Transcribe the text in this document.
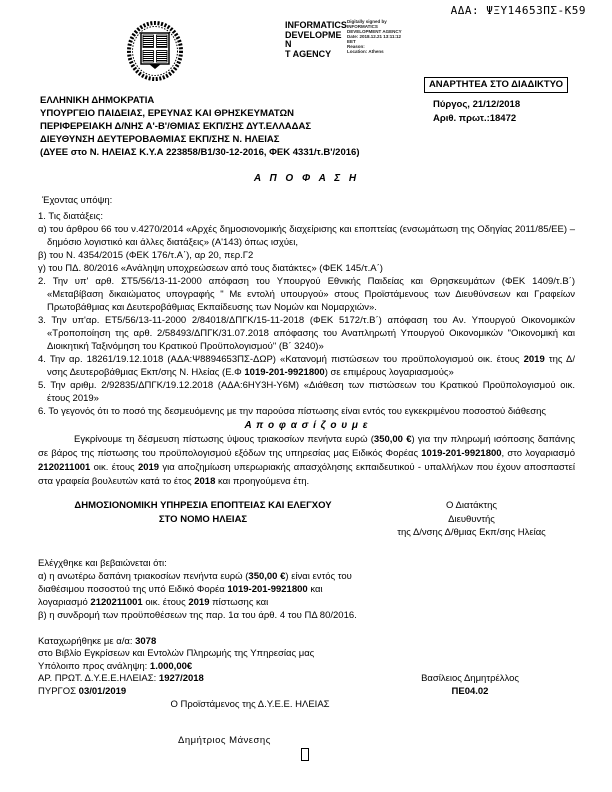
ΑΔΑ: ΨΞΥ14653ΠΣ-Κ59
INFORMATICS
DEVELOPMEN
T AGENCY
Digitally signed by
INFORMATICS
DEVELOPMENT AGENCY
Date: 2018.12.21 13:11:12
EET
Reason:
Location: Athens
ΑΝΑΡΤΗΤΕΑ ΣΤΟ ΔΙΑΔΙΚΤΥΟ
ΕΛΛΗΝΙΚΗ ΔΗΜΟΚΡΑΤΙΑ
ΥΠΟΥΡΓΕΙΟ ΠΑΙΔΕΙΑΣ, ΕΡΕΥΝΑΣ ΚΑΙ ΘΡΗΣΚΕΥΜΑΤΩΝ
ΠΕΡΙΦΕΡΕΙΑΚΗ Δ/ΝΗΣ Α'-Β'/ΘΜΙΑΣ ΕΚΠ/ΣΗΣ ΔΥΤ.ΕΛΛΑΔΑΣ
ΔΙΕΥΘΥΝΣΗ ΔΕΥΤΕΡΟΒΑΘΜΙΑΣ ΕΚΠ/ΣΗΣ Ν. ΗΛΕΙΑΣ
(ΔΥΕΕ στο Ν. ΗΛΕΙΑΣ Κ.Υ.Α 223858/Β1/30-12-2016, ΦΕΚ 4331/τ.Β'/2016)
Πύργος, 21/12/2018
Αριθ. πρωτ.:18472
Α Π Ο Φ Α Σ Η
Έχοντας υπόψη:
1. Τις διατάξεις:
α) του άρθρου 66 του ν.4270/2014 «Αρχές δημοσιονομικής διαχείρισης και εποπτείας (ενσωμάτωση της Οδηγίας 2011/85/ΕΕ) – δημόσιο λογιστικό και άλλες διατάξεις» (Α'143) όπως ισχύει,
β) του Ν. 4354/2015 (ΦΕΚ 176/τ.Α΄), αρ 20, περ.Γ2
γ) του ΠΔ. 80/2016 «Ανάληψη υποχρεώσεων από τους διατάκτες» (ΦΕΚ 145/τ.Α΄)
2. Την υπ' αρθ. ΣΤ5/56/13-11-2000 απόφαση του Υπουργού Εθνικής Παιδείας και Θρησκευμάτων (ΦΕΚ 1409/τ.Β΄) «Μεταβίβαση δικαιώματος υπογραφής " Με εντολή υπουργού» στους Προϊστάμενους των Διευθύνσεων και Γραφείων Πρωτοβάθμιας και Δευτεροβάθμιας Εκπαίδευσης των Νομών και Νομαρχιών».
3. Την υπ'αρ. ΕΤ5/56/13-11-2000 2/84018/ΔΠΓΚ/15-11-2018 (ΦΕΚ 5172/τ.Β΄) απόφαση του Αν. Υπουργού Οικονομικών «Τροποποίηση της αρθ. 2/58493/ΔΠΓΚ/31.07.2018 απόφασης του Αναπληρωτή Υπουργού Οικονομικών "Οικονομική και Διοικητική Ταξινόμηση του Κρατικού Προϋπολογισμού" (Β΄ 3240)»
4. Την αρ. 18261/19.12.1018 (ΑΔΑ:Ψ8894653ΠΣ-ΔΩΡ) «Κατανομή πιστώσεων του προϋπολογισμού οικ. έτους 2019 της Δ/νσης Δευτεροβάθμιας Εκπ/σης Ν. Ηλείας (Ε.Φ 1019-201-9921800) σε επιμέρους λογαριασμούς»
5. Την αριθμ. 2/92835/ΔΠΓΚ/19.12.2018 (ΑΔΑ:6ΗΥ3Η-Υ6Μ) «Διάθεση των πιστώσεων του Κρατικού Προϋπολογισμού οικ. έτους 2019»
6. Το γεγονός ότι το ποσό της δεσμευόμενης με την παρούσα πίστωσης είναι εντός του εγκεκριμένου ποσοστού διάθεσης
Α π ο φ α σ ί ζ ο υ μ ε
Εγκρίνουμε τη δέσμευση πίστωσης ύψους τριακοσίων πενήντα ευρώ (350,00 €) για την πληρωμή ισόποσης δαπάνης σε βάρος της πίστωσης του προϋπολογισμού εξόδων της υπηρεσίας μας Ειδικός Φορέας 1019-201-9921800, στο λογαριασμό 2120211001 οικ. έτους 2019 για αποζημίωση υπερωριακής απασχόλησης εκπαιδευτικού - υπαλλήλων που έχουν αποσπαστεί στα γραφεία βουλευτών κατά το έτος 2018 και προηγούμενα έτη.
ΔΗΜΟΣΙΟΝΟΜΙΚΗ ΥΠΗΡΕΣΙΑ ΕΠΟΠΤΕΙΑΣ ΚΑΙ ΕΛΕΓΧΟΥ
ΣΤΟ ΝΟΜΟ ΗΛΕΙΑΣ
Ο Διατάκτης
Διευθυντής
της Δ/νσης Δ/θμιας Εκπ/σης Ηλείας
Ελέγχθηκε και βεβαιώνεται ότι:
α) η ανωτέρω δαπάνη τριακοσίων πενήντα ευρώ (350,00 €) είναι εντός του
διαθέσιμου ποσοστού της υπό Ειδικό Φορέα 1019-201-9921800 και
λογαριασμό 2120211001 οικ. έτους 2019 πίστωσης και
β) η συνδρομή των προϋποθέσεων της παρ. 1α του άρθ. 4 του ΠΔ 80/2016.
Καταχωρήθηκε με α/α: 3078
στο Βιβλίο Εγκρίσεων και Εντολών Πληρωμής της Υπηρεσίας μας
Υπόλοιπο προς ανάληψη: 1.000,00€
ΑΡ. ΠΡΩΤ. Δ.Υ.Ε.Ε.ΗΛΕΙΑΣ: 1927/2018	Βασίλειος Δημητρέλλος
ΠΥΡΓΟΣ 03/01/2019	ΠΕ04.02
Ο Προϊστάμενος της Δ.Υ.Ε.Ε. ΗΛΕΙΑΣ
Δημήτριος Μάνεσης
